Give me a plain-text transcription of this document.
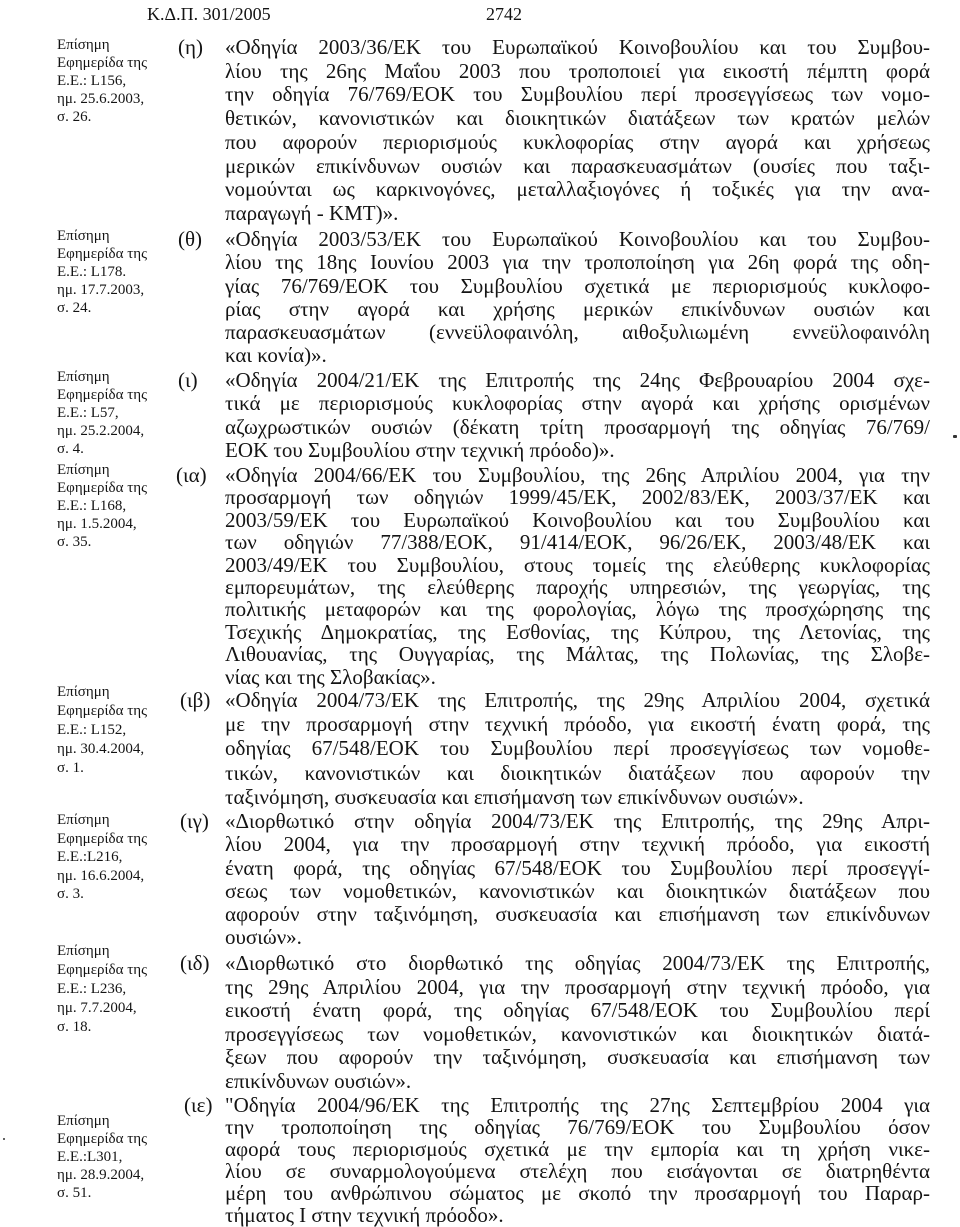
Κ.Δ.Π. 301/2005	2742
Επίσημη
Εφημερίδα της
Ε.Ε.: L156,
ημ. 25.6.2003,
σ. 26.
Επίσημη
Εφημερίδα της
Ε.Ε.: L178.
ημ. 17.7.2003,
σ. 24.
Επίσημη
Εφημερίδα της
Ε.Ε.: L57,
ημ. 25.2.2004,
σ. 4.
Επίσημη
Εφημερίδα της
Ε.Ε.: L168,
ημ. 1.5.2004,
σ. 35.
Επίσημη
Εφημερίδα της
Ε.Ε.: L152,
ημ. 30.4.2004,
σ. 1.
Επίσημη
Εφημερίδα της
Ε.Ε.:L216,
ημ. 16.6.2004,
σ. 3.
Επίσημη
Εφημερίδα της
Ε.Ε.: L236,
ημ. 7.7.2004,
σ. 18.
Επίσημη
Εφημερίδα της
Ε.Ε.:L301,
ημ. 28.9.2004,
σ. 51.
(η) «Οδηγία 2003/36/ΕΚ του Ευρωπαϊκού Κοινοβουλίου και του Συμβου-
λίου της 26ης Μαΐου 2003 που τροποποιεί για εικοστή πέμπτη φορά
την οδηγία 76/769/ΕΟΚ του Συμβουλίου περί προσεγγίσεως των νομο-
θετικών, κανονιστικών και διοικητικών διατάξεων των κρατών μελών
που αφορούν περιορισμούς κυκλοφορίας στην αγορά και χρήσεως
μερικών επικίνδυνων ουσιών και παρασκευασμάτων (ουσίες που ταξι-
νομούνται ως καρκινογόνες, μεταλλαξιογόνες ή τοξικές για την ανα-
παραγωγή - ΚΜΤ)».
(θ) «Οδηγία 2003/53/ΕΚ του Ευρωπαϊκού Κοινοβουλίου και του Συμβου-
λίου της 18ης Ιουνίου 2003 για την τροποποίηση για 26η φορά της οδη-
γίας 76/769/ΕΟΚ του Συμβουλίου σχετικά με περιορισμούς κυκλοφο-
ρίας στην αγορά και χρήσης μερικών επικίνδυνων ουσιών και
παρασκευασμάτων (εννεϋλοφαινόλη, αιθοξυλιωμένη εννεϋλοφαινόλη
και κονία)».
(ι) «Οδηγία 2004/21/ΕΚ της Επιτροπής της 24ης Φεβρουαρίου 2004 σχε-
τικά με περιορισμούς κυκλοφορίας στην αγορά και χρήσης ορισμένων
αζωχρωστικών ουσιών (δέκατη τρίτη προσαρμογή της οδηγίας 76/769/
ΕΟΚ του Συμβουλίου στην τεχνική πρόοδο)».
(ια) «Οδηγία 2004/66/ΕΚ του Συμβουλίου, της 26ης Απριλίου 2004, για την
προσαρμογή των οδηγιών 1999/45/ΕΚ, 2002/83/ΕΚ, 2003/37/ΕΚ και
2003/59/ΕΚ του Ευρωπαϊκού Κοινοβουλίου και του Συμβουλίου και
των οδηγιών 77/388/ΕΟΚ, 91/414/ΕΟΚ, 96/26/ΕΚ, 2003/48/ΕΚ και
2003/49/ΕΚ του Συμβουλίου, στους τομείς της ελεύθερης κυκλοφορίας
εμπορευμάτων, της ελεύθερης παροχής υπηρεσιών, της γεωργίας, της
πολιτικής μεταφορών και της φορολογίας, λόγω της προσχώρησης της
Τσεχικής Δημοκρατίας, της Εσθονίας, της Κύπρου, της Λετονίας, της
Λιθουανίας, της Ουγγαρίας, της Μάλτας, της Πολωνίας, της Σλοβε-
νίας και της Σλοβακίας».
(ιβ) «Οδηγία 2004/73/ΕΚ της Επιτροπής, της 29ης Απριλίου 2004, σχετικά
με την προσαρμογή στην τεχνική πρόοδο, για εικοστή ένατη φορά, της
οδηγίας 67/548/ΕΟΚ του Συμβουλίου περί προσεγγίσεως των νομοθε-
τικών, κανονιστικών και διοικητικών διατάξεων που αφορούν την
ταξινόμηση, συσκευασία και επισήμανση των επικίνδυνων ουσιών».
(ιγ) «Διορθωτικό στην οδηγία 2004/73/ΕΚ της Επιτροπής, της 29ης Απρι-
λίου 2004, για την προσαρμογή στην τεχνική πρόοδο, για εικοστή
ένατη φορά, της οδηγίας 67/548/ΕΟΚ του Συμβουλίου περί προσεγγί-
σεως των νομοθετικών, κανονιστικών και διοικητικών διατάξεων που
αφορούν στην ταξινόμηση, συσκευασία και επισήμανση των επικίνδυνων
ουσιών».
(ιδ) «Διορθωτικό στο διορθωτικό της οδηγίας 2004/73/ΕΚ της Επιτροπής,
της 29ης Απριλίου 2004, για την προσαρμογή στην τεχνική πρόοδο, για
εικοστή ένατη φορά, της οδηγίας 67/548/ΕΟΚ του Συμβουλίου περί
προσεγγίσεως των νομοθετικών, κανονιστικών και διοικητικών διατά-
ξεων που αφορούν την ταξινόμηση, συσκευασία και επισήμανση των
επικίνδυνων ουσιών».
(ιε) "Οδηγία 2004/96/ΕΚ της Επιτροπής της 27ης Σεπτεμβρίου 2004 για
την τροποποίηση της οδηγίας 76/769/ΕΟΚ του Συμβουλίου όσον
αφορά τους περιορισμούς σχετικά με την εμπορία και τη χρήση νικε-
λίου σε συναρμολογούμενα στελέχη που εισάγονται σε διατρηθέντα
μέρη του ανθρώπινου σώματος με σκοπό την προσαρμογή του Παραρ-
τήματος Ι στην τεχνική πρόοδο».
